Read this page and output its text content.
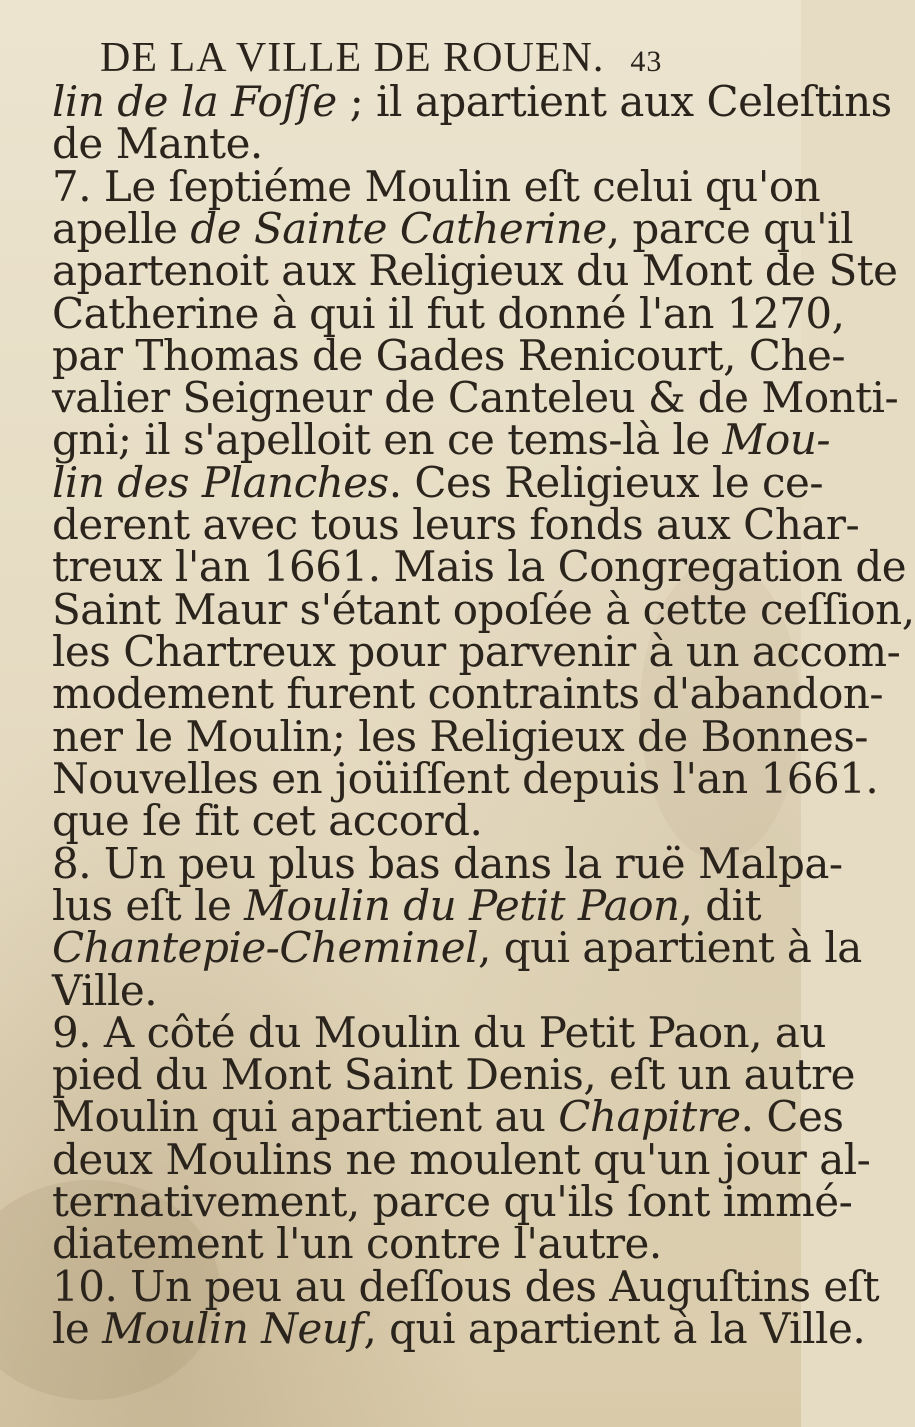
DE LA VILLE DE ROUEN. 43
lin de la Foſſe ; il apartient aux Celeſtins
de Mante.
7. Le ſeptiéme Moulin eſt celui qu'on
apelle de Sainte Catherine, parce qu'il
apartenoit aux Religieux du Mont de Ste
Catherine à qui il fut donné l'an 1270,
par Thomas de Gades Renicourt, Che-
valier Seigneur de Canteleu & de Monti-
gni; il s'apelloit en ce tems-là le Mou-
lin des Planches. Ces Religieux le ce-
derent avec tous leurs fonds aux Char-
treux l'an 1661. Mais la Congregation de
Saint Maur s'étant opoſée à cette ceſſion,
les Chartreux pour parvenir à un accom-
modement furent contraints d'abandon-
ner le Moulin; les Religieux de Bonnes-
Nouvelles en joüiſſent depuis l'an 1661.
que ſe fit cet accord.
8. Un peu plus bas dans la ruë Malpa-
lus eſt le Moulin du Petit Paon, dit
Chantepie-Cheminel, qui apartient à la
Ville.
9. A côté du Moulin du Petit Paon, au
pied du Mont Saint Denis, eſt un autre
Moulin qui apartient au Chapitre. Ces
deux Moulins ne moulent qu'un jour al-
ternativement, parce qu'ils ſont immé-
diatement l'un contre l'autre.
10. Un peu au deſſous des Auguſtins eſt
le Moulin Neuf, qui apartient à la Ville.
